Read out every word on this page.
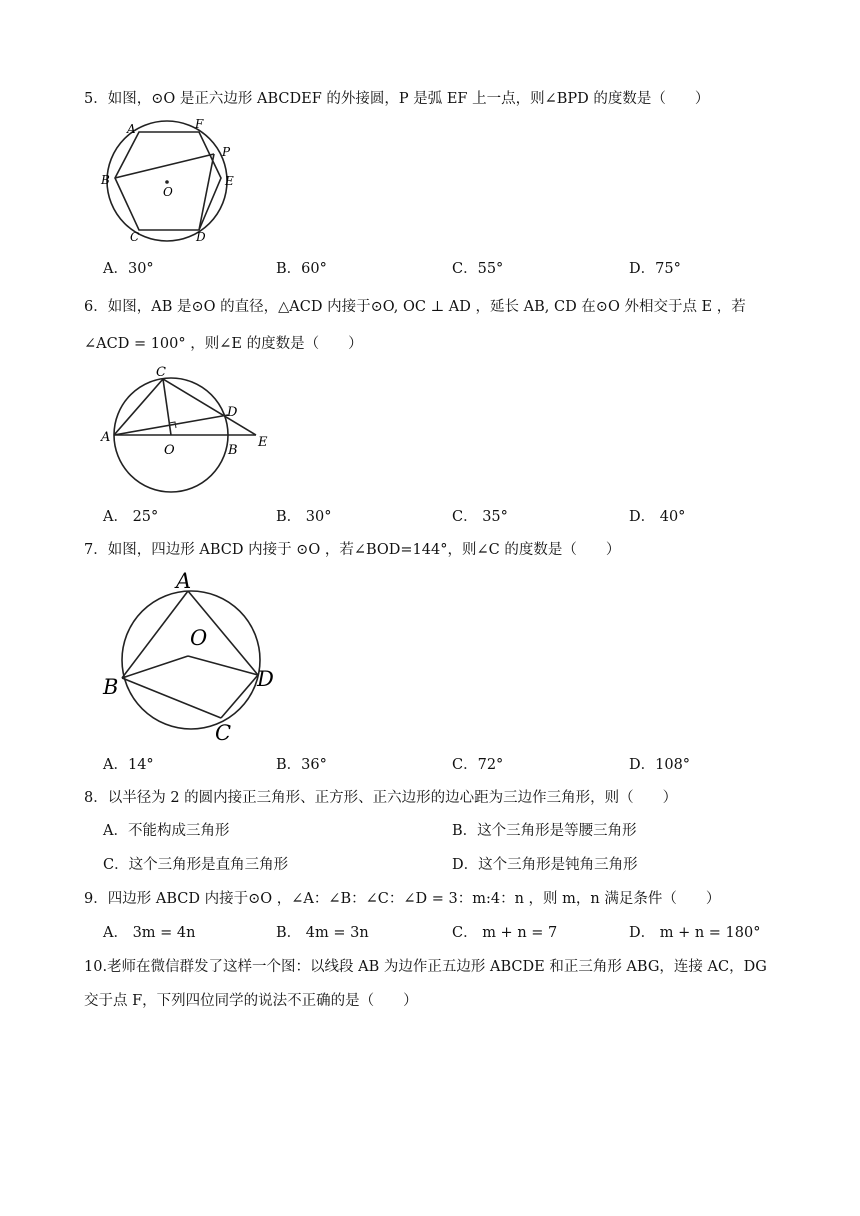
5．如图，⊙O 是正六边形 ABCDEF 的外接圆，P 是弧 EF 上一点，则∠BPD 的度数是（　　）
A	F
P
B
O
E
C	D
A．30°	B．60°	C．55°	D．75°
6．如图，AB 是⊙O 的直径，△ACD 内接于⊙O, OC ⊥ AD ，延长 AB, CD 在⊙O 外相交于点 E ，若
∠ACD = 100° ，则∠E 的度数是（　　）
C
D
A
O	B
E
A． 25°	B． 30°	C． 35°	D． 40°
7．如图，四边形 ABCD 内接于 ⊙O ，若∠BOD=144°，则∠C 的度数是（　　）
A
O
B	D
C
A．14°	B．36°	C．72°	D．108°
8．以半径为 2 的圆内接正三角形、正方形、正六边形的边心距为三边作三角形，则（　　）
A．不能构成三角形	B．这个三角形是等腰三角形
C．这个三角形是直角三角形	D．这个三角形是钝角三角形
9．四边形 ABCD 内接于⊙O ，∠A：∠B：∠C：∠D = 3：m:4：n ，则 m，n 满足条件（　　）
A． 3m = 4n	B． 4m = 3n	C． m + n = 7	D． m + n = 180°
10.老师在微信群发了这样一个图：以线段 AB 为边作正五边形 ABCDE 和正三角形 ABG，连接 AC，DG
交于点 F，下列四位同学的说法不正确的是（　　）
